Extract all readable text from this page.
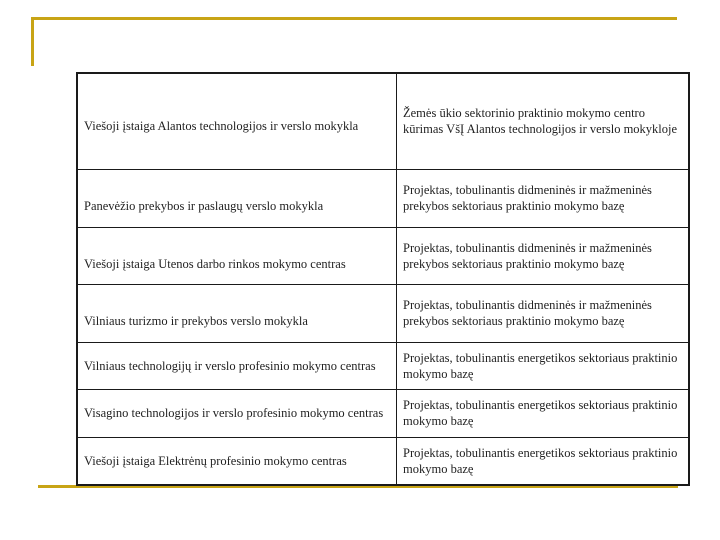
Viešoji įstaiga Alantos technologijos ir verslo mokykla	Žemės ūkio sektorinio praktinio mokymo centro kūrimas VšĮ Alantos technologijos ir verslo mokykloje

Panevėžio prekybos ir paslaugų verslo mokykla	Projektas, tobulinantis didmeninės ir mažmeninės prekybos sektoriaus praktinio mokymo bazę

Viešoji įstaiga Utenos darbo rinkos mokymo centras	Projektas, tobulinantis didmeninės ir mažmeninės prekybos sektoriaus praktinio mokymo bazę

Vilniaus turizmo ir prekybos verslo mokykla	Projektas, tobulinantis didmeninės ir mažmeninės prekybos sektoriaus praktinio mokymo bazę

Vilniaus technologijų ir verslo profesinio mokymo centras	Projektas, tobulinantis energetikos sektoriaus praktinio mokymo bazę

Visagino technologijos ir verslo profesinio mokymo centras	Projektas, tobulinantis energetikos sektoriaus praktinio mokymo bazę

Viešoji įstaiga Elektrėnų profesinio mokymo centras	Projektas, tobulinantis energetikos sektoriaus praktinio mokymo bazę
